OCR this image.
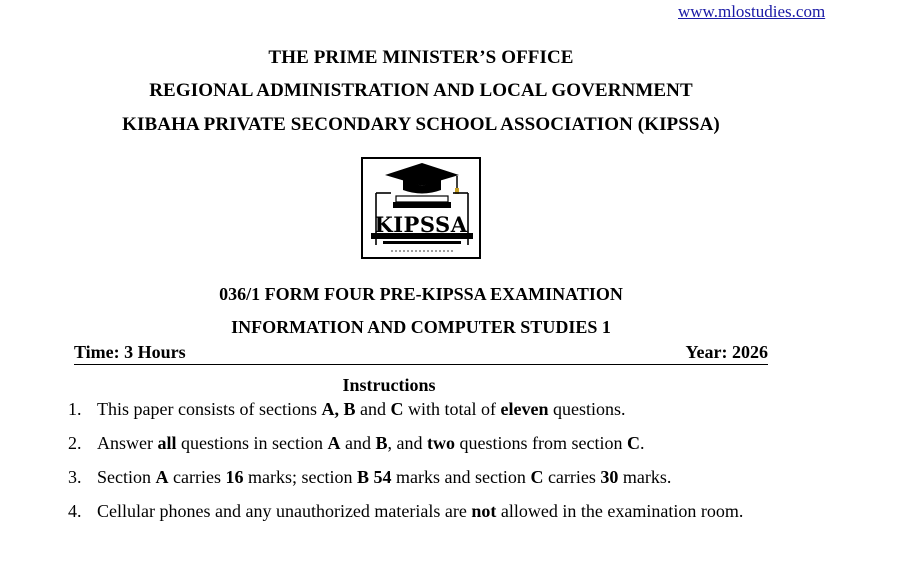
www.mlostudies.com
THE PRIME MINISTER’S OFFICE
REGIONAL ADMINISTRATION AND LOCAL GOVERNMENT
KIBAHA PRIVATE SECONDARY SCHOOL ASSOCIATION (KIPSSA)
KIPSSA
036/1 FORM FOUR PRE-KIPSSA EXAMINATION
INFORMATION AND COMPUTER STUDIES 1
Time: 3 Hours	Year: 2026
Instructions
1. This paper consists of sections A, B and C with total of eleven questions.
2. Answer all questions in section A and B, and two questions from section C.
3. Section A carries 16 marks; section B 54 marks and section C carries 30 marks.
4. Cellular phones and any unauthorized materials are not allowed in the examination room.
